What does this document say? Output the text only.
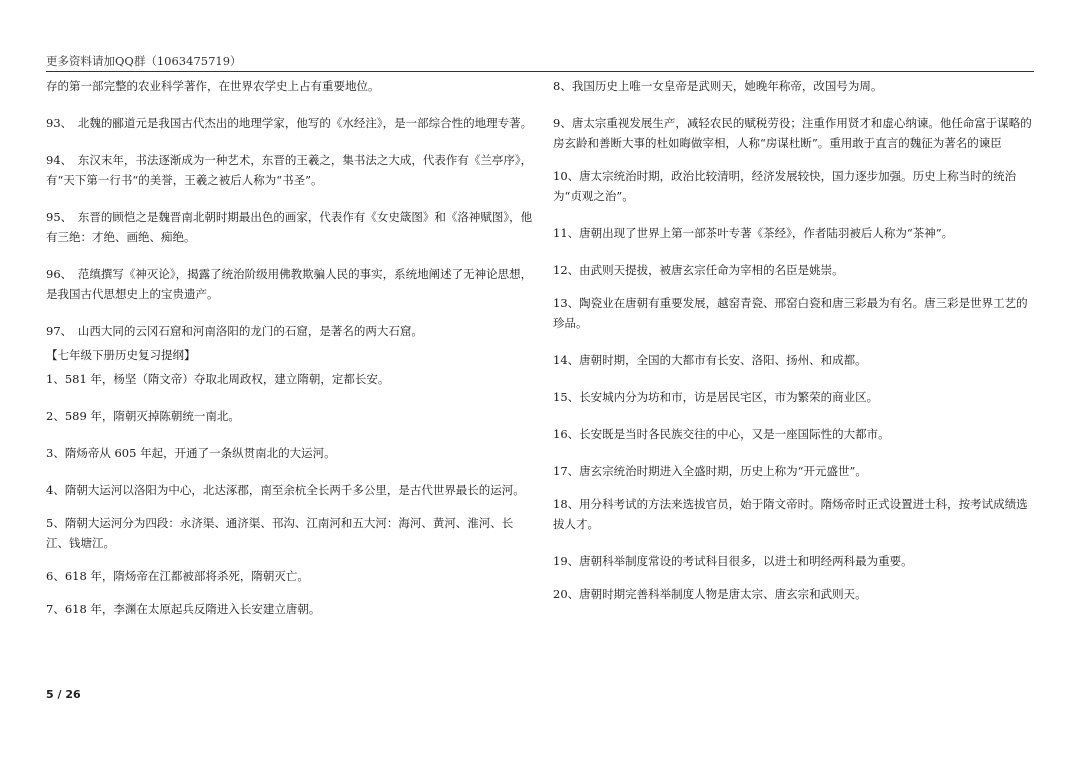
更多资料请加QQ群（1063475719）

存的第一部完整的农业科学著作，在世界农学史上占有重要地位。

93、　北魏的郦道元是我国古代杰出的地理学家，他写的《水经注》，是一部综合性的地理专著。

94、　东汉末年，书法逐渐成为一种艺术，东晋的王羲之，集书法之大成，代表作有《兰亭序》，有“天下第一行书“的美誉，王羲之被后人称为“书圣”。

95、　东晋的顾恺之是魏晋南北朝时期最出色的画家，代表作有《女史箴图》和《洛神赋图》，他有三绝：才绝、画绝、痴绝。

96、　范缜撰写《神灭论》，揭露了统治阶级用佛教欺骗人民的事实，系统地阐述了无神论思想，是我国古代思想史上的宝贵遗产。

97、　山西大同的云冈石窟和河南洛阳的龙门的石窟，是著名的两大石窟。

【七年级下册历史复习提纲】

1、581 年，杨坚（隋文帝）夺取北周政权，建立隋朝，定都长安。

2、589 年，隋朝灭掉陈朝统一南北。

3、隋炀帝从 605 年起，开通了一条纵贯南北的大运河。

4、隋朝大运河以洛阳为中心，北达涿郡，南至余杭全长两千多公里，是古代世界最长的运河。

5、隋朝大运河分为四段：永济渠、通济渠、邗沟、江南河和五大河：海河、黄河、淮河、长江、钱塘江。

6、618 年，隋炀帝在江都被部将杀死，隋朝灭亡。

7、618 年，李渊在太原起兵反隋进入长安建立唐朝。

8、我国历史上唯一女皇帝是武则天，她晚年称帝，改国号为周。

9、唐太宗重视发展生产，减轻农民的赋税劳役；注重作用贤才和虚心纳谏。他任命富于谋略的房玄龄和善断大事的杜如晦做宰相，人称“房谋杜断”。重用敢于直言的魏征为著名的谏臣

10、唐太宗统治时期，政治比较清明，经济发展较快，国力逐步加强。历史上称当时的统治为“贞观之治”。

11、唐朝出现了世界上第一部茶叶专著《茶经》，作者陆羽被后人称为“茶神”。

12、由武则天提拔，被唐玄宗任命为宰相的名臣是姚崇。

13、陶瓷业在唐朝有重要发展，越窑青瓷、邢窑白瓷和唐三彩最为有名。唐三彩是世界工艺的珍品。

14、唐朝时期，全国的大都市有长安、洛阳、扬州、和成都。

15、长安城内分为坊和市，访是居民宅区，市为繁荣的商业区。

16、长安既是当时各民族交往的中心，又是一座国际性的大都市。

17、唐玄宗统治时期进入全盛时期，历史上称为“开元盛世”。

18、用分科考试的方法来选拔官员，始于隋文帝时。隋炀帝时正式设置进士科，按考试成绩选拔人才。

19、唐朝科举制度常设的考试科目很多，以进士和明经两科最为重要。

20、唐朝时期完善科举制度人物是唐太宗、唐玄宗和武则天。

5 / 26
